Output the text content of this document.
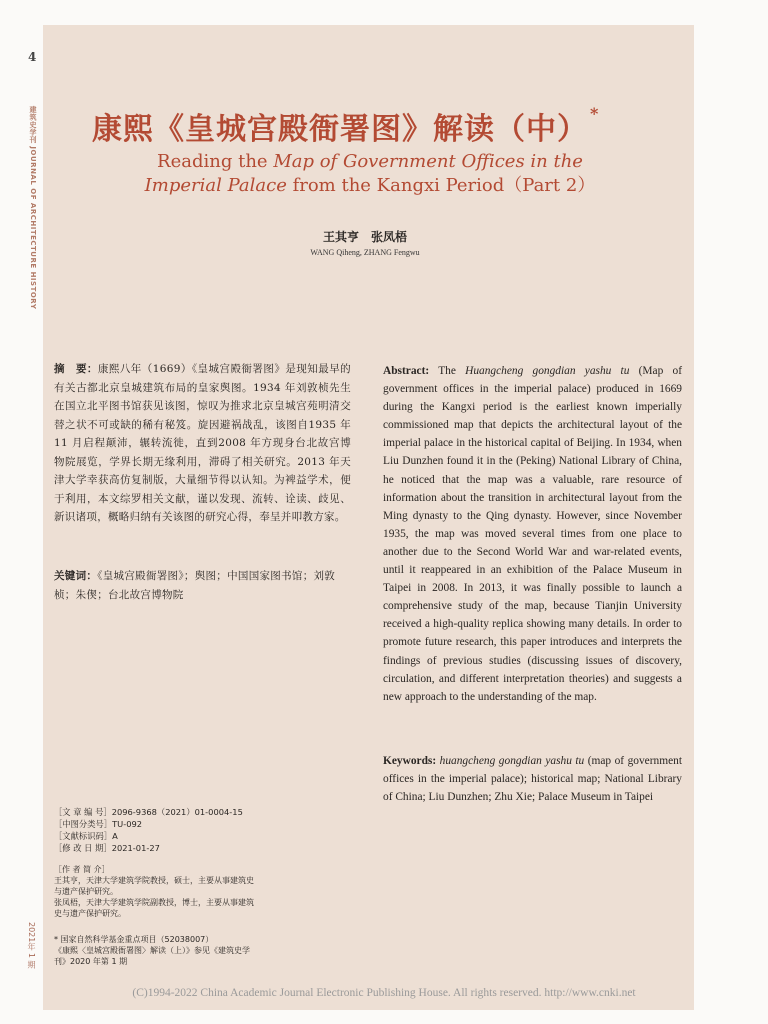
4
建筑史学刊 JOURNAL OF ARCHITECTURE HISTORY
2021年 1 期
康熙《皇城宫殿衙署图》解读（中） *
Reading the Map of Government Offices in the Imperial Palace from the Kangxi Period（Part 2）
王其亨　张凤梧
WANG Qiheng, ZHANG Fengwu
摘　要：康熙八年（1669）《皇城宫殿衙署图》是现知最早的有关古都北京皇城建筑布局的皇家舆图。1934 年刘敦桢先生在国立北平图书馆获见该图，惊叹为推求北京皇城宫苑明清交替之状不可或缺的稀有秘笈。旋因避祸战乱，该图自1935 年 11 月启程颠沛，辗转流徙，直到2008 年方现身台北故宫博物院展览，学界长期无缘利用，滞碍了相关研究。2013 年天津大学幸获高仿复制版，大量细节得以认知。为裨益学术，便于利用，本文综罗相关文献，谨以发现、流转、诠读、歧见、新识诸项，概略归纳有关该图的研究心得，奉呈并叩教方家。
关键词：《皇城宫殿衙署图》；舆图；中国国家图书馆；刘敦桢；朱偰；台北故宫博物院
Abstract: The Huangcheng gongdian yashu tu (Map of government offices in the imperial palace) produced in 1669 during the Kangxi period is the earliest known imperially commissioned map that depicts the architectural layout of the imperial palace in the historical capital of Beijing. In 1934, when Liu Dunzhen found it in the (Peking) National Library of China, he noticed that the map was a valuable, rare resource of information about the transition in architectural layout from the Ming dynasty to the Qing dynasty. However, since November 1935, the map was moved several times from one place to another due to the Second World War and war-related events, until it reappeared in an exhibition of the Palace Museum in Taipei in 2008. In 2013, it was finally possible to launch a comprehensive study of the map, because Tianjin University received a high-quality replica showing many details. In order to promote future research, this paper introduces and interprets the findings of previous studies (discussing issues of discovery, circulation, and different interpretation theories) and suggests a new approach to the understanding of the map.
Keywords: huangcheng gongdian yashu tu (map of government offices in the imperial palace); historical map; National Library of China; Liu Dunzhen; Zhu Xie; Palace Museum in Taipei
［文 章 编 号］2096-9368（2021）01-0004-15
［中图分类号］TU-092
［文献标识码］A
［修 改 日 期］2021-01-27
［作 者 简 介］
王其亨，天津大学建筑学院教授，硕士，主要从事建筑史与遗产保护研究。
张凤梧，天津大学建筑学院副教授，博士，主要从事建筑史与遗产保护研究。
* 国家自然科学基金重点项目（52038007）
《康熙〈皇城宫殿衙署图〉解读（上）》参见《建筑史学刊》2020 年第 1 期
(C)1994-2022 China Academic Journal Electronic Publishing House. All rights reserved. http://www.cnki.net
